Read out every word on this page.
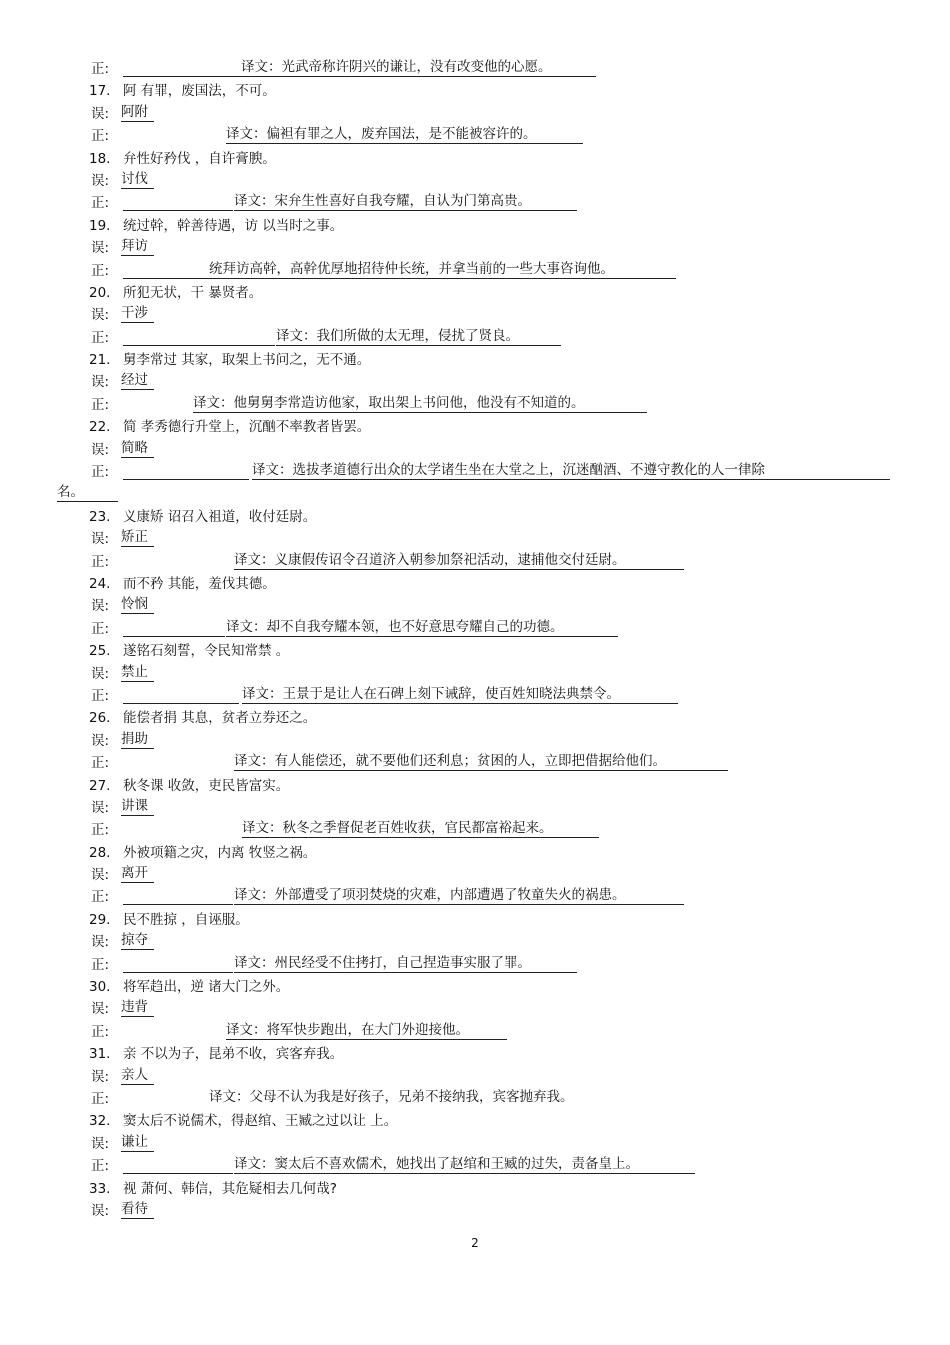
正:	译文：光武帝称许阴兴的谦让，没有改变他的心愿。
17. 阿 有罪，废国法，不可。
误: 阿附
正:	译文：偏袒有罪之人，废弃国法，是不能被容许的。
18. 弁性好矜伐 ，自许膏腴。
误: 讨伐
正:	译文：宋弁生性喜好自我夸耀，自认为门第高贵。
19. 统过幹，幹善待遇，访 以当时之事。
误: 拜访
正:	统拜访高幹，高幹优厚地招待仲长统，并拿当前的一些大事咨询他。
20. 所犯无状，干 暴贤者。
误: 干涉
正:	译文：我们所做的太无理，侵扰了贤良。
21. 舅李常过 其家，取架上书问之，无不通。
误: 经过
正:	译文：他舅舅李常造访他家，取出架上书问他，他没有不知道的。
22. 简 孝秀德行升堂上，沉酗不率教者皆罢。
误: 简略
正:	译文：选拔孝道德行出众的太学诸生坐在大堂之上，沉迷酗酒、不遵守教化的人一律除
名。
23. 义康矫 诏召入祖道，收付廷尉。
误: 矫正
正:	译文：义康假传诏令召道济入朝参加祭祀活动，逮捕他交付廷尉。
24. 而不矜 其能，羞伐其德。
误: 怜悯
正:	译文：却不自我夸耀本领，也不好意思夸耀自己的功德。
25. 遂铭石刻誓，令民知常禁 。
误: 禁止
正:	译文：王景于是让人在石碑上刻下诫辞，使百姓知晓法典禁令。
26. 能偿者捐 其息，贫者立券还之。
误: 捐助
正:	译文：有人能偿还，就不要他们还利息；贫困的人，立即把借据给他们。
27. 秋冬课 收敛，吏民皆富实。
误: 讲课
正:	译文：秋冬之季督促老百姓收获，官民都富裕起来。
28. 外被项籍之灾，内离 牧竖之祸。
误: 离开
正:	译文：外部遭受了项羽焚烧的灾难，内部遭遇了牧童失火的祸患。
29. 民不胜掠 ，自诬服。
误: 掠夺
正:	译文：州民经受不住拷打，自己捏造事实服了罪。
30. 将军趋出，逆 诸大门之外。
误: 违背
正:	译文：将军快步跑出，在大门外迎接他。
31. 亲 不以为子，昆弟不收，宾客弃我。
误: 亲人
正:	译文：父母不认为我是好孩子，兄弟不接纳我，宾客抛弃我。
32. 窦太后不说儒术，得赵绾、王臧之过以让 上。
误: 谦让
正:	译文：窦太后不喜欢儒术，她找出了赵绾和王臧的过失，责备皇上。
33. 视 萧何、韩信，其危疑相去几何哉?
误: 看待
2
